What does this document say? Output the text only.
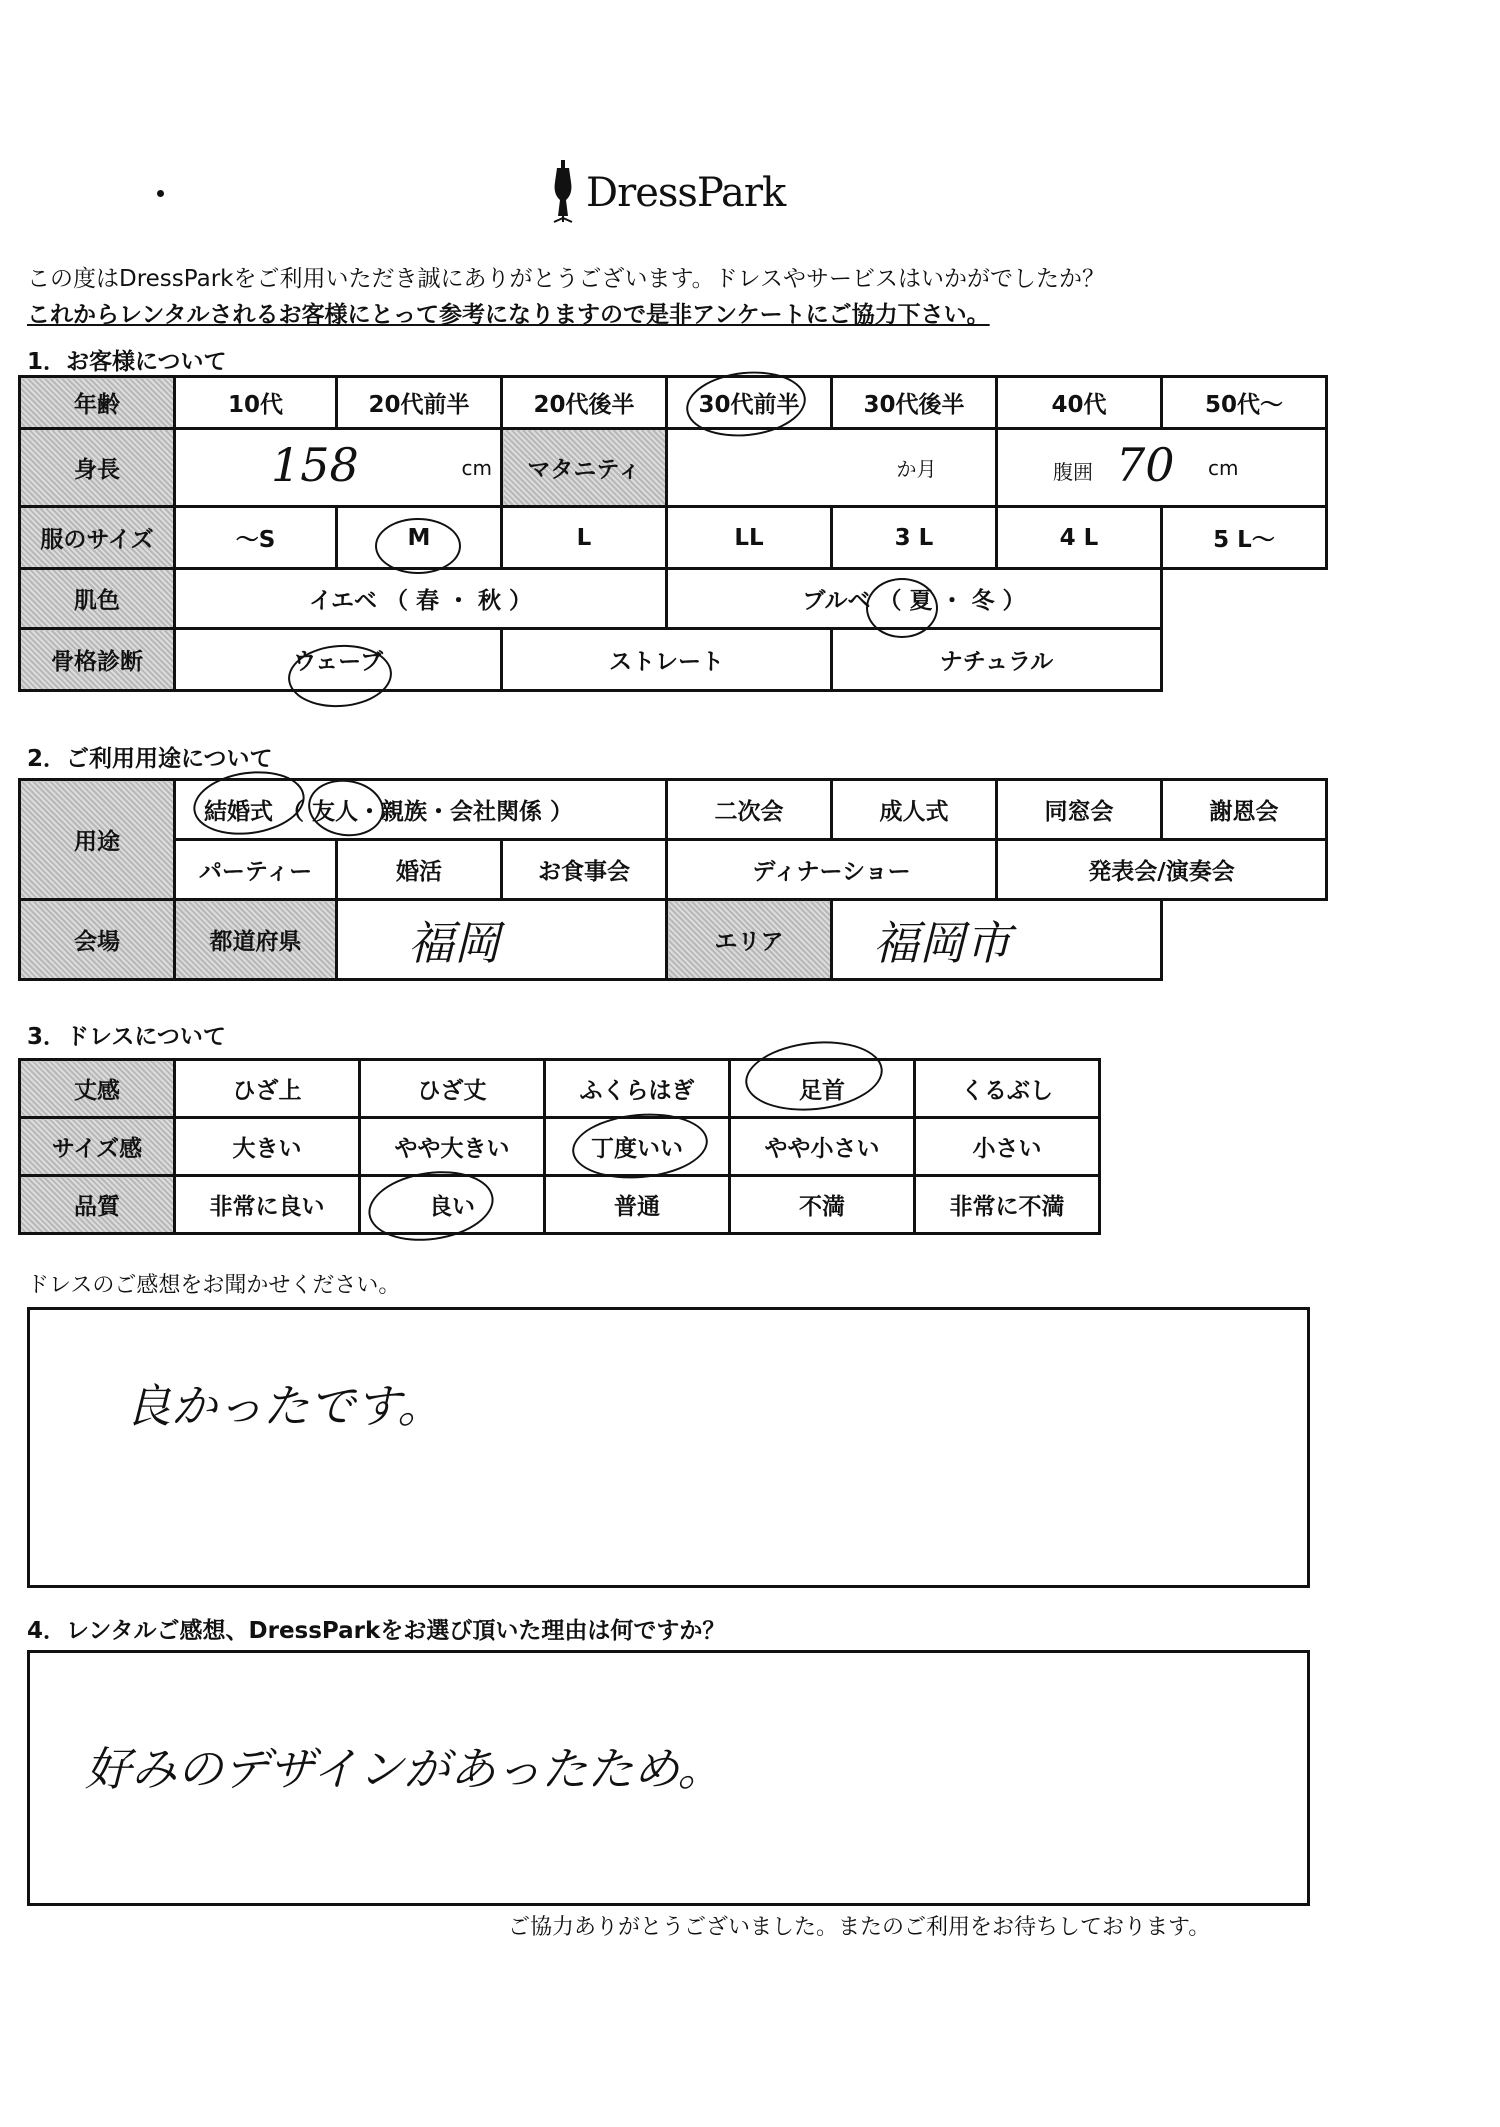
DressPark
この度はDressParkをご利用いただき誠にありがとうございます。ドレスやサービスはいかがでしたか？
これからレンタルされるお客様にとって参考になりますので是非アンケートにご協力下さい。
1．お客様について
年齢	10代	20代前半	20代後半	30代前半	30代後半	40代	50代～
身長	158 cm		マタニティ	か月		腹囲 70 cm	

服のサイズ	～S	M	L	LL	3 L	4 L	5 L～
肌色	イエベ （ 春 ・ 秋 ）			ブルベ （ 夏 ・ 冬 ）			
骨格診断	ウェーブ		ストレート		ナチュラル		
2．ご利用用途について
用途	結婚式 （ 友人・親族・会社関係 ）			二次会	成人式	同窓会	謝恩会
	パーティー	婚活	お食事会	ディナーショー		発表会/演奏会	
会場	都道府県	福岡		エリア	福岡市		
3．ドレスについて
丈感	ひざ上	ひざ丈	ふくらはぎ	足首	くるぶし
サイズ感	大きい	やや大きい	丁度いい	やや小さい	小さい
品質	非常に良い	良い	普通	不満	非常に不満
ドレスのご感想をお聞かせください。
良かったです。
4．レンタルご感想、DressParkをお選び頂いた理由は何ですか？
好みのデザインがあったため。
ご協力ありがとうございました。またのご利用をお待ちしております。
